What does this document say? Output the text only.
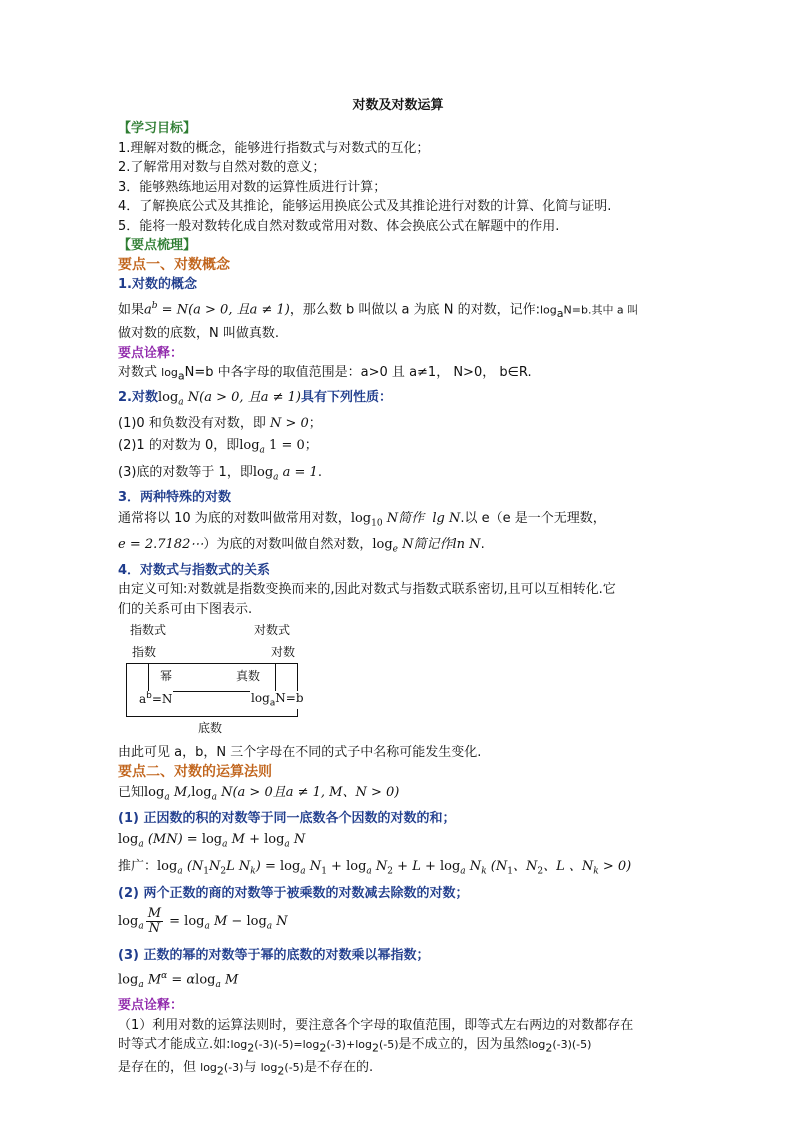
对数及对数运算
【学习目标】
1.理解对数的概念，能够进行指数式与对数式的互化；
2.了解常用对数与自然对数的意义；
3．能够熟练地运用对数的运算性质进行计算；
4．了解换底公式及其推论，能够运用换底公式及其推论进行对数的计算、化简与证明.
5．能将一般对数转化成自然对数或常用对数、体会换底公式在解题中的作用.
【要点梳理】
要点一、对数概念
1.对数的概念
如果$a^b = N(a > 0$, 且a ≠ 1)，那么数 b 叫做以 a 为底 N 的对数，记作$:\log_aN=b$.其中 a 叫
做对数的底数，N 叫做真数.
要点诠释：
对数式 $\log_aN=b$ 中各字母的取值范围是：a>0 且 a≠1， N>0， b∈R.
2.对数$\log_a N(a > 0$, 且a ≠ 1)具有下列性质：
(1)0 和负数没有对数，即 N > 0；
(2)1 的对数为 0，即$\log_a 1 = 0$；
(3)底的对数等于 1，即$\log_a a = 1$.
3．两种特殊的对数
通常将以 10 为底的对数叫做常用对数，$\log_{10} N$简作 lg N.以 e（e 是一个无理数，
e = 2.7182⋯）为底的对数叫做自然对数，$\log_e N$简记作ln N.
4．对数式与指数式的关系
由定义可知:对数就是指数变换而来的,因此对数式与指数式联系密切,且可以互相转化.它
们的关系可由下图表示.
指数式	对数式
指数	对数
幂	真数
$a^b=N$	$\log_aN=b$
底数
由此可见 a，b，N 三个字母在不同的式子中名称可能发生变化.
要点二、对数的运算法则
已知$\log_a M,\log_a$ N(a > 0且a ≠ 1, M、N > 0)
(1) 正因数的积的对数等于同一底数各个因数的对数的和；
$\log_a (MN) = \log_a M + \log_a N$
推广：$\log_a (N_1N_2L$ $N_k) = \log_a N_1 + \log_a N_2 + L + \log_a N_k$ ($N_1$、$N_2$、L 、$N_k > 0$)
(2) 两个正数的商的对数等于被乘数的对数减去除数的对数；
$\log_a \frac{M}{N} = \log_a M - \log_a N$
(3) 正数的幂的对数等于幂的底数的对数乘以幂指数；
$\log_a M^\alpha = \alpha\log_a$ M
要点诠释：
（1）利用对数的运算法则时，要注意各个字母的取值范围，即等式左右两边的对数都存在
时等式才能成立.如$:\log_2(-3)(-5)=\log_2(-3)+\log_2(-5)$是不成立的，因为虽然$\log_2(-3)(-5)$
是存在的，但 $\log_2(-3)$与 $\log_2(-5)$是不存在的.
